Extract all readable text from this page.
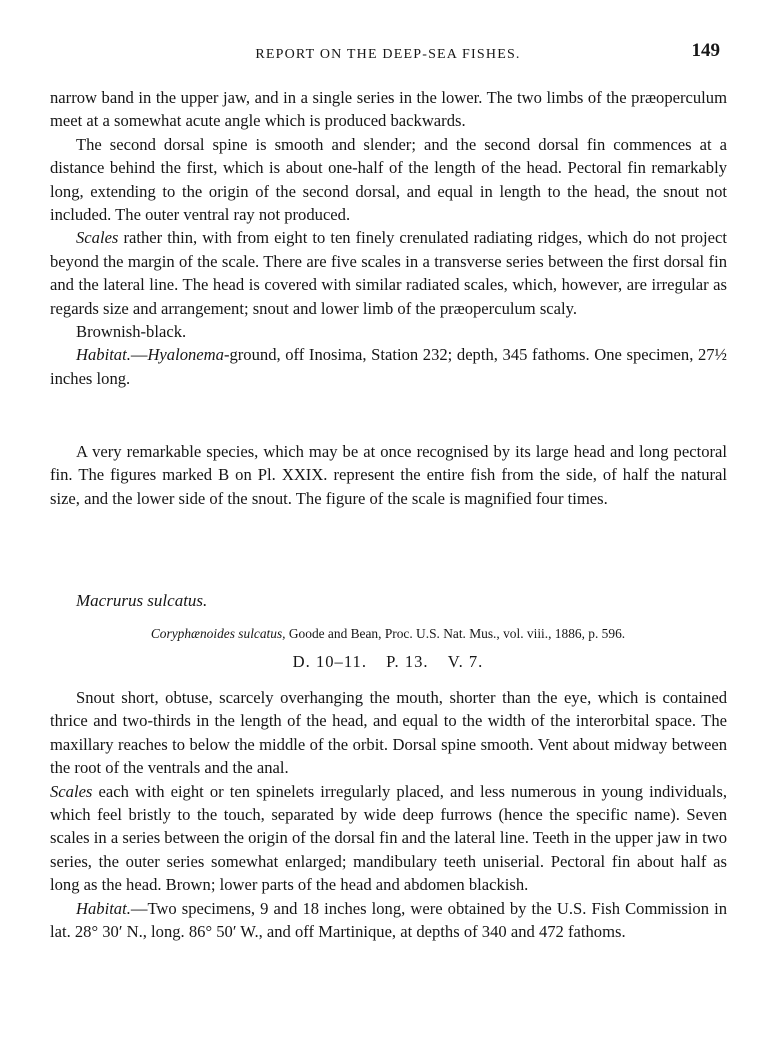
REPORT ON THE DEEP-SEA FISHES.	149

narrow band in the upper jaw, and in a single series in the lower. The two limbs of the præoperculum meet at a somewhat acute angle which is produced backwards.

The second dorsal spine is smooth and slender; and the second dorsal fin commences at a distance behind the first, which is about one-half of the length of the head. Pectoral fin remarkably long, extending to the origin of the second dorsal, and equal in length to the head, the snout not included. The outer ventral ray not produced.

Scales rather thin, with from eight to ten finely crenulated radiating ridges, which do not project beyond the margin of the scale. There are five scales in a transverse series between the first dorsal fin and the lateral line. The head is covered with similar radiated scales, which, however, are irregular as regards size and arrangement; snout and lower limb of the præoperculum scaly.

Brownish-black.

Habitat.—Hyalonema-ground, off Inosima, Station 232; depth, 345 fathoms. One specimen, 27½ inches long.

A very remarkable species, which may be at once recognised by its large head and long pectoral fin. The figures marked B on Pl. XXIX. represent the entire fish from the side, of half the natural size, and the lower side of the snout. The figure of the scale is magnified four times.

Macrurus sulcatus.
Coryphænoides sulcatus, Goode and Bean, Proc. U.S. Nat. Mus., vol. viii., 1886, p. 596.
D. 10–11. P. 13. V. 7.

Snout short, obtuse, scarcely overhanging the mouth, shorter than the eye, which is contained thrice and two-thirds in the length of the head, and equal to the width of the interorbital space. The maxillary reaches to below the middle of the orbit. Dorsal spine smooth. Vent about midway between the root of the ventrals and the anal.
Scales each with eight or ten spinelets irregularly placed, and less numerous in young individuals, which feel bristly to the touch, separated by wide deep furrows (hence the specific name). Seven scales in a series between the origin of the dorsal fin and the lateral line. Teeth in the upper jaw in two series, the outer series somewhat enlarged; mandibulary teeth uniserial. Pectoral fin about half as long as the head. Brown; lower parts of the head and abdomen blackish.

Habitat.—Two specimens, 9 and 18 inches long, were obtained by the U.S. Fish Commission in lat. 28° 30′ N., long. 86° 50′ W., and off Martinique, at depths of 340 and 472 fathoms.
